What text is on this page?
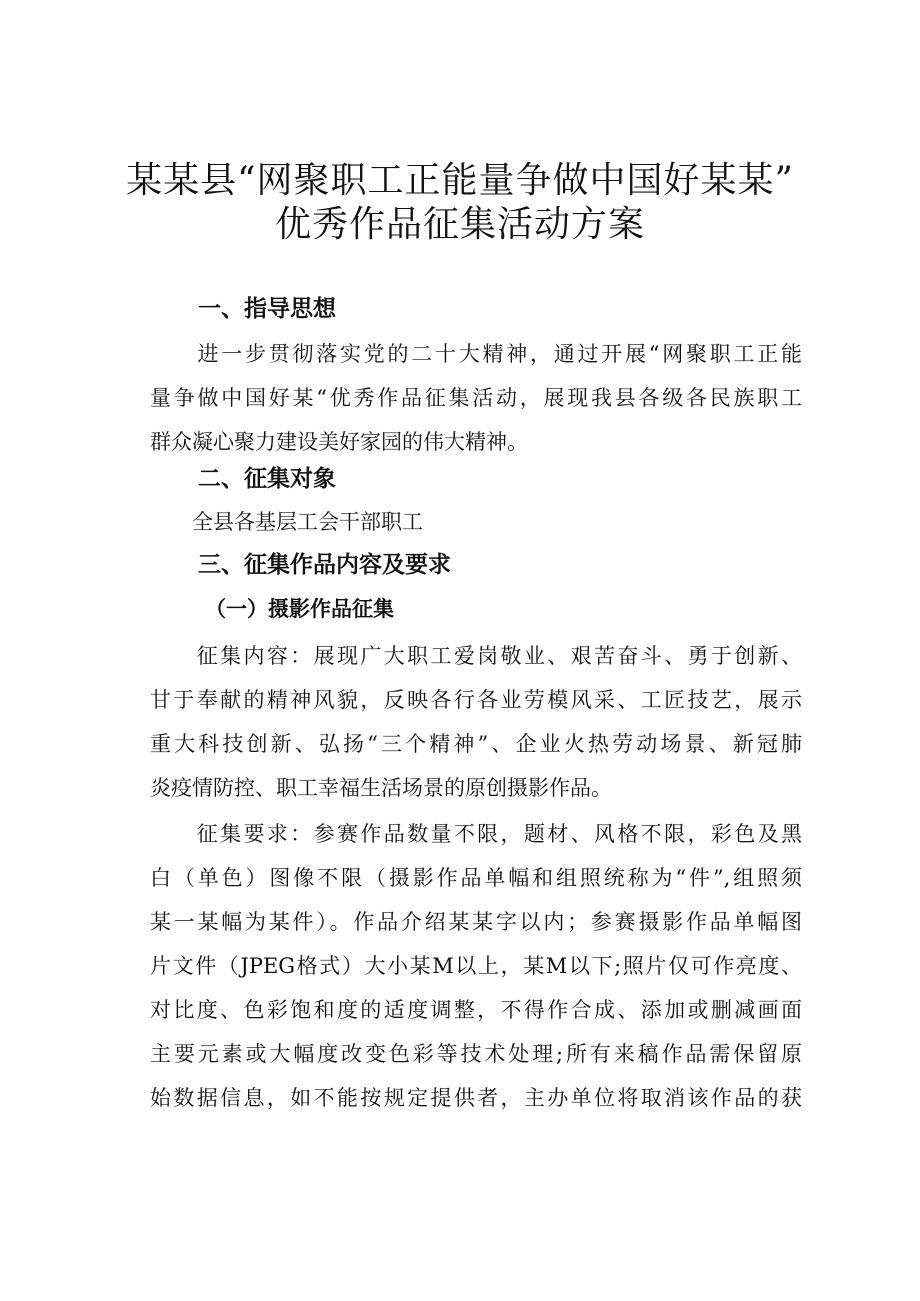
某某县“网聚职工正能量争做中国好某某”
优秀作品征集活动方案
一、指导思想
　　进一步贯彻落实党的二十大精神，通过开展“网聚职工正能
量争做中国好某“优秀作品征集活动，展现我县各级各民族职工
群众凝心聚力建设美好家园的伟大精神。
二、征集对象
　　全县各基层工会干部职工
三、征集作品内容及要求
（一）摄影作品征集
　　征集内容：展现广大职工爱岗敬业、艰苦奋斗、勇于创新、
甘于奉献的精神风貌，反映各行各业劳模风采、工匠技艺，展示
重大科技创新、弘扬“三个精神”、企业火热劳动场景、新冠肺
炎疫情防控、职工幸福生活场景的原创摄影作品。
　　征集要求：参赛作品数量不限，题材、风格不限，彩色及黑
白（单色）图像不限（摄影作品单幅和组照统称为“件”,组照须
某一某幅为某件）。作品介绍某某字以内；参赛摄影作品单幅图
片文件（JPEG格式）大小某M以上，某M以下;照片仅可作亮度、
对比度、色彩饱和度的适度调整，不得作合成、添加或删减画面
主要元素或大幅度改变色彩等技术处理;所有来稿作品需保留原
始数据信息，如不能按规定提供者，主办单位将取消该作品的获
